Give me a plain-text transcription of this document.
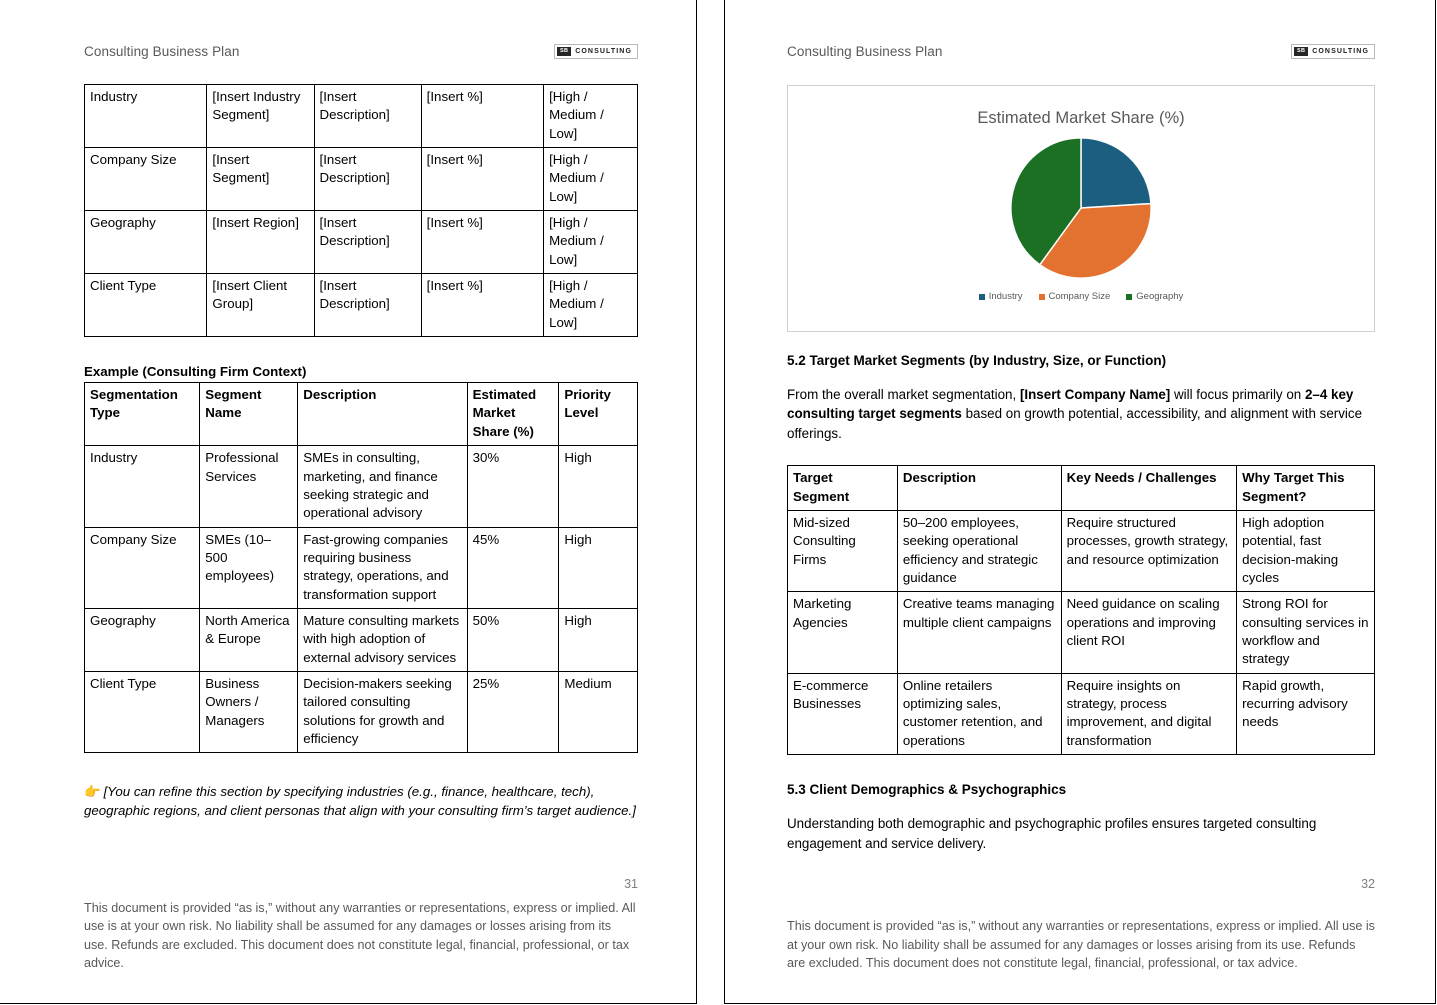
Consulting Business Plan	SB	CONSULTING
Industry	[Insert Industry Segment]	[Insert Description]	[Insert %]	[High / Medium / Low]
Company Size	[Insert Segment]	[Insert Description]	[Insert %]	[High / Medium / Low]
Geography	[Insert Region]	[Insert Description]	[Insert %]	[High / Medium / Low]
Client Type	[Insert Client Group]	[Insert Description]	[Insert %]	[High / Medium / Low]
Example (Consulting Firm Context)
Segmentation Type	Segment Name	Description	Estimated Market Share (%)	Priority Level
Industry	Professional Services	SMEs in consulting, marketing, and finance seeking strategic and operational advisory	30%	High
Company Size	SMEs (10–500 employees)	Fast-growing companies requiring business strategy, operations, and transformation support	45%	High
Geography	North America & Europe	Mature consulting markets with high adoption of external advisory services	50%	High
Client Type	Business Owners / Managers	Decision-makers seeking tailored consulting solutions for growth and efficiency	25%	Medium
👉 [You can refine this section by specifying industries (e.g., finance, healthcare, tech), geographic regions, and client personas that align with your consulting firm’s target audience.]
31
This document is provided “as is,” without any warranties or representations, express or implied. All use is at your own risk. No liability shall be assumed for any damages or losses arising from its use. Refunds are excluded. This document does not constitute legal, financial, professional, or tax advice.
Consulting Business Plan	SB	CONSULTING
Estimated Market Share (%)
Industry	Company Size	Geography
5.2 Target Market Segments (by Industry, Size, or Function)

From the overall market segmentation, [Insert Company Name] will focus primarily on 2–4 key consulting target segments based on growth potential, accessibility, and alignment with service offerings.

Target Segment	Description	Key Needs / Challenges	Why Target This Segment?
Mid-sized Consulting Firms	50–200 employees, seeking operational efficiency and strategic guidance	Require structured processes, growth strategy, and resource optimization	High adoption potential, fast decision-making cycles
Marketing Agencies	Creative teams managing multiple client campaigns	Need guidance on scaling operations and improving client ROI	Strong ROI for consulting services in workflow and strategy
E-commerce Businesses	Online retailers optimizing sales, customer retention, and operations	Require insights on strategy, process improvement, and digital transformation	Rapid growth, recurring advisory needs
5.3 Client Demographics & Psychographics

Understanding both demographic and psychographic profiles ensures targeted consulting engagement and service delivery.

32
This document is provided “as is,” without any warranties or representations, express or implied. All use is at your own risk. No liability shall be assumed for any damages or losses arising from its use. Refunds are excluded. This document does not constitute legal, financial, professional, or tax advice.
